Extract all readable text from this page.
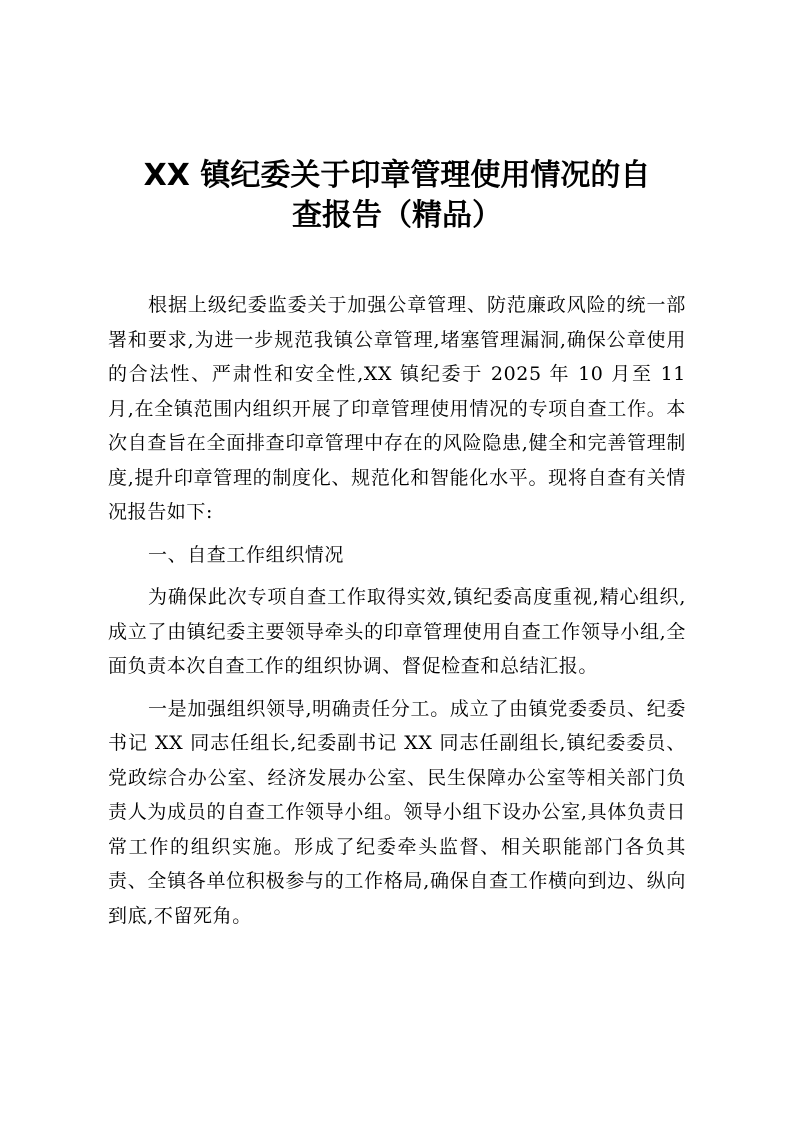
XX 镇纪委关于印章管理使用情况的自
查报告（精品）

根据上级纪委监委关于加强公章管理、防范廉政风险的统一部署和要求,为进一步规范我镇公章管理,堵塞管理漏洞,确保公章使用的合法性、严肃性和安全性,XX 镇纪委于 2025 年 10 月至 11 月,在全镇范围内组织开展了印章管理使用情况的专项自查工作。本次自查旨在全面排查印章管理中存在的风险隐患,健全和完善管理制度,提升印章管理的制度化、规范化和智能化水平。现将自查有关情况报告如下:

一、自查工作组织情况

为确保此次专项自查工作取得实效,镇纪委高度重视,精心组织,成立了由镇纪委主要领导牵头的印章管理使用自查工作领导小组,全面负责本次自查工作的组织协调、督促检查和总结汇报。

一是加强组织领导,明确责任分工。成立了由镇党委委员、纪委书记 XX 同志任组长,纪委副书记 XX 同志任副组长,镇纪委委员、党政综合办公室、经济发展办公室、民生保障办公室等相关部门负责人为成员的自查工作领导小组。领导小组下设办公室,具体负责日常工作的组织实施。形成了纪委牵头监督、相关职能部门各负其责、全镇各单位积极参与的工作格局,确保自查工作横向到边、纵向到底,不留死角。
